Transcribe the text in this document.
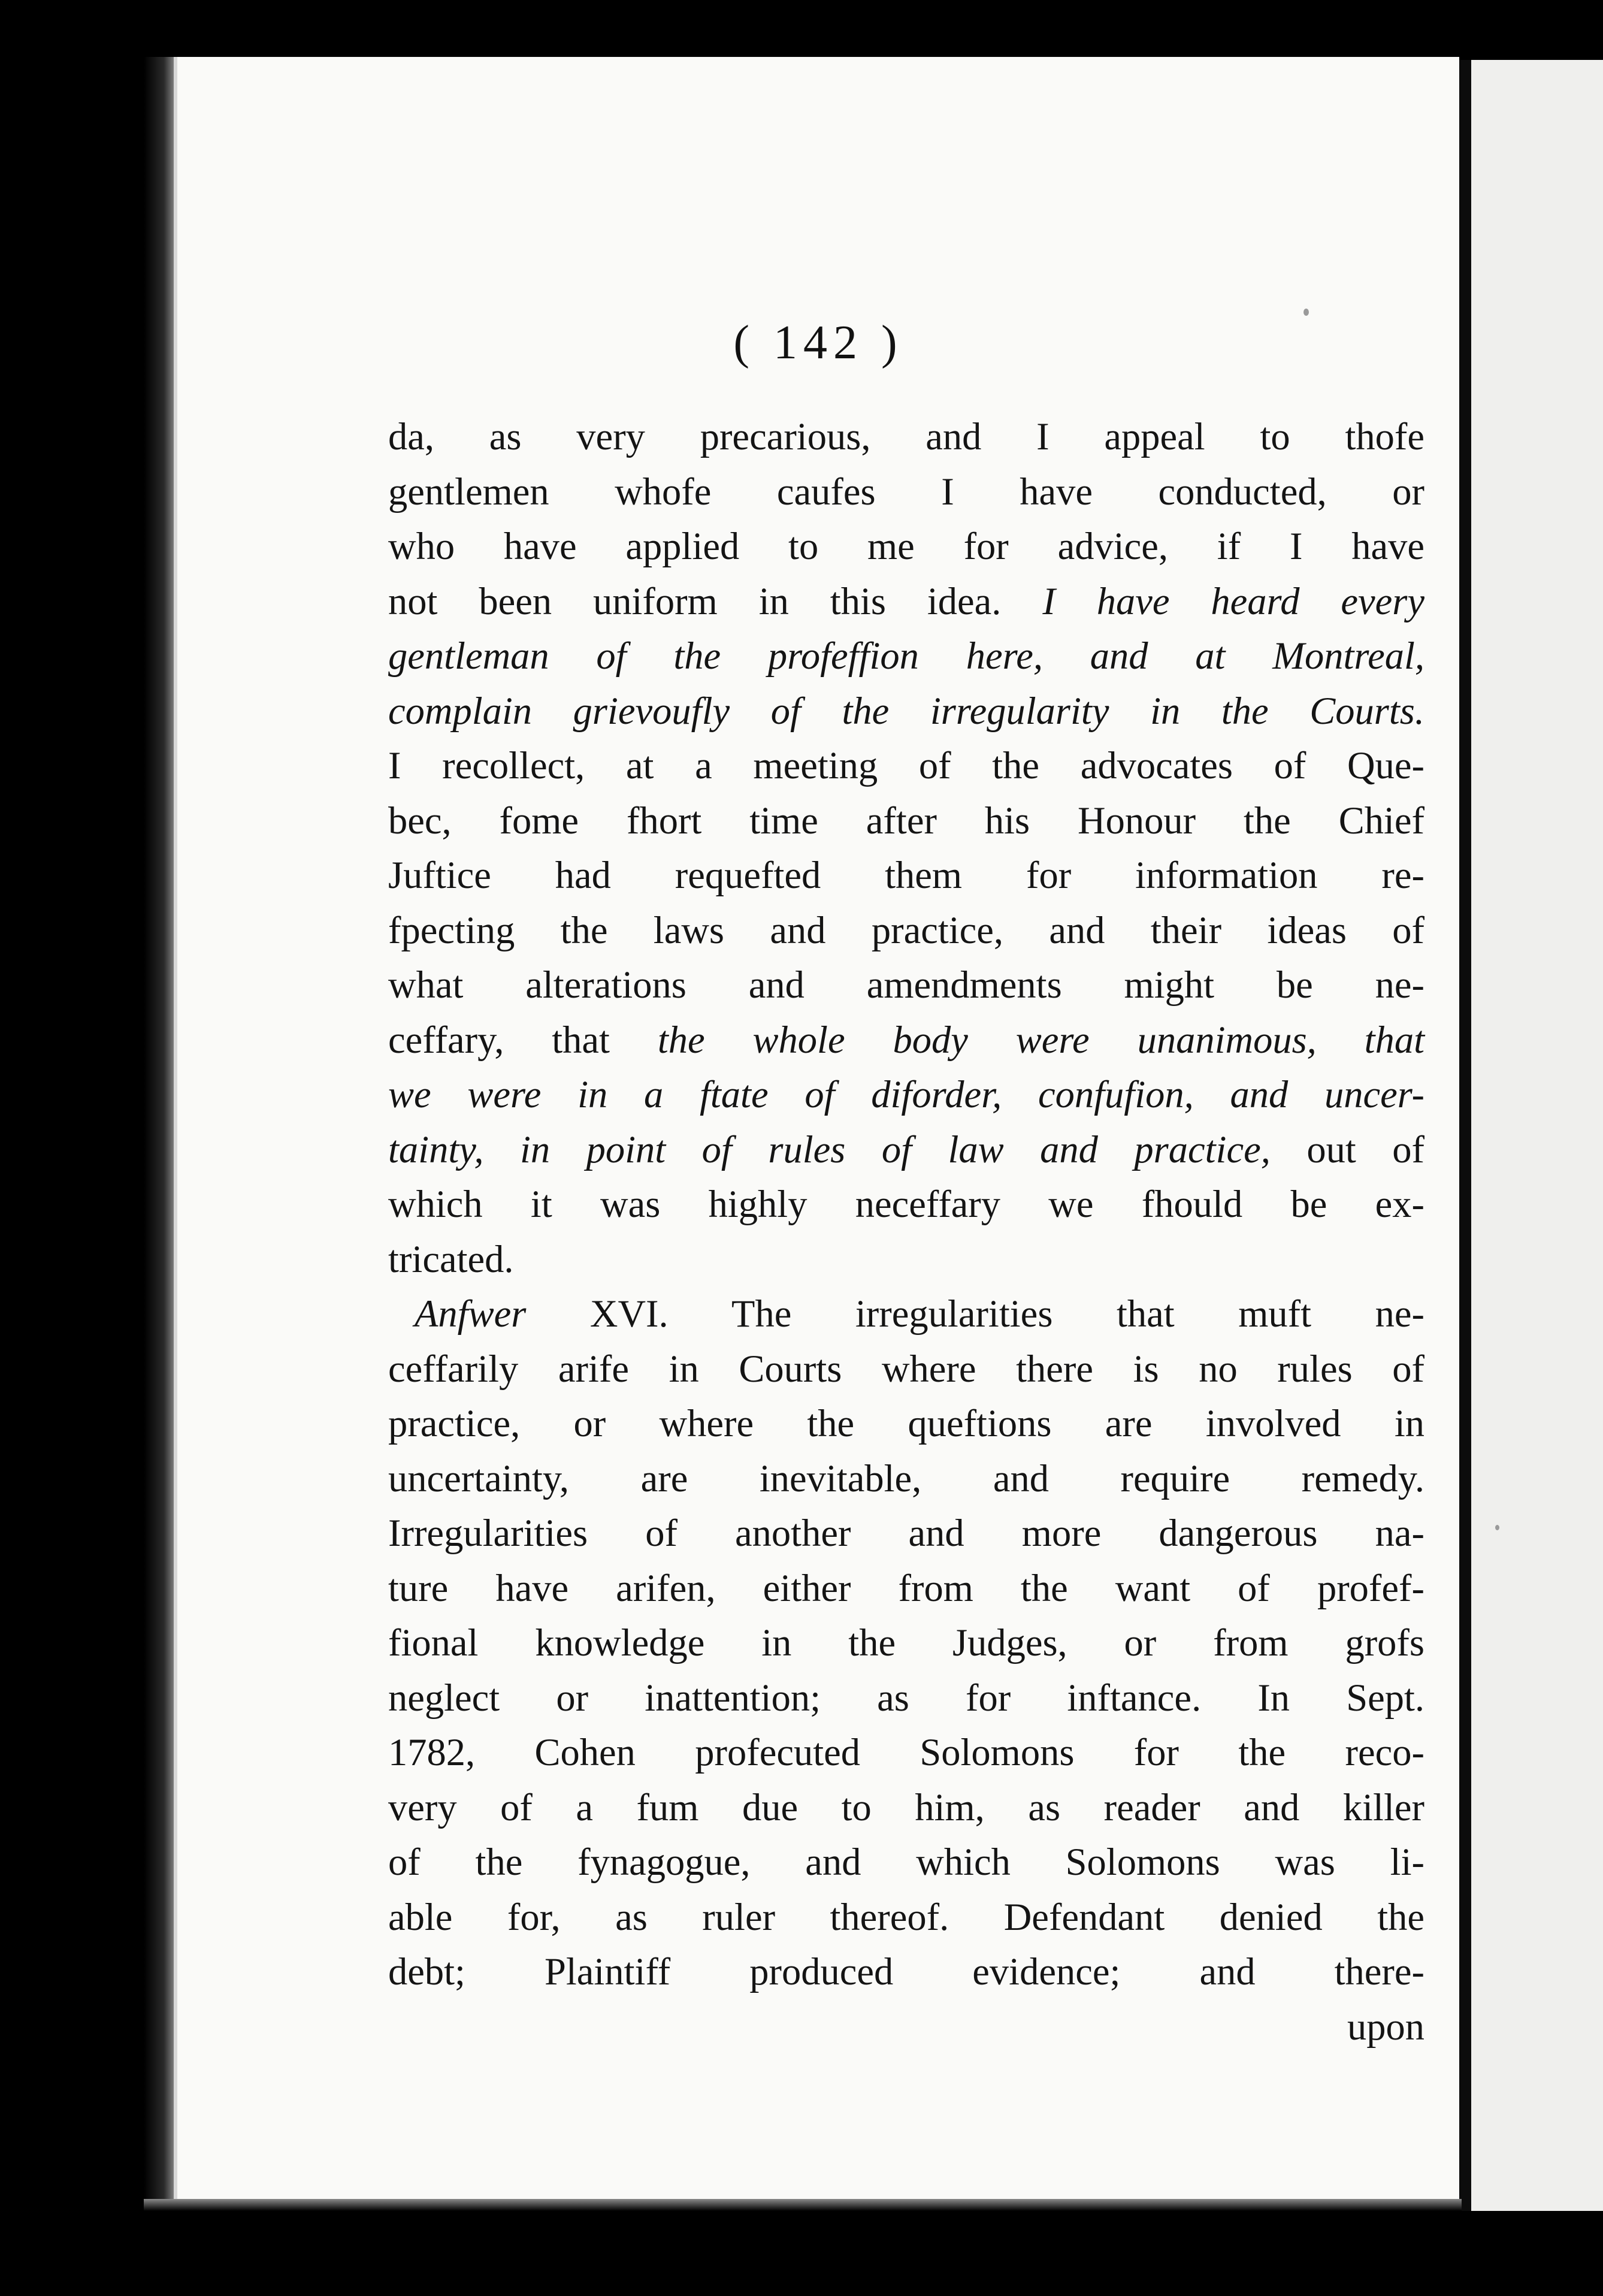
( 142 )
da, as very precarious, and I appeal to thofe
gentlemen whofe caufes I have conducted, or
who have applied to me for advice, if I have
not been uniform in this idea. I have heard every
gentleman of the profeffion here, and at Montreal,
complain grievoufly of the irregularity in the Courts.
I recollect, at a meeting of the advocates of Que-
bec, fome fhort time after his Honour the Chief
Juftice had requefted them for information re-
fpecting the laws and practice, and their ideas of
what alterations and amendments might be ne-
ceffary, that the whole body were unanimous, that
we were in a ftate of diforder, confufion, and uncer-
tainty, in point of rules of law and practice, out of
which it was highly neceffary we fhould be ex-
tricated.
Anfwer XVI. The irregularities that muft ne-
ceffarily arife in Courts where there is no rules of
practice, or where the queftions are involved in
uncertainty, are inevitable, and require remedy.
Irregularities of another and more dangerous na-
ture have arifen, either from the want of profef-
fional knowledge in the Judges, or from grofs
neglect or inattention; as for inftance. In Sept.
1782, Cohen profecuted Solomons for the reco-
very of a fum due to him, as reader and killer
of the fynagogue, and which Solomons was li-
able for, as ruler thereof. Defendant denied the
debt; Plaintiff produced evidence; and there-
upon
